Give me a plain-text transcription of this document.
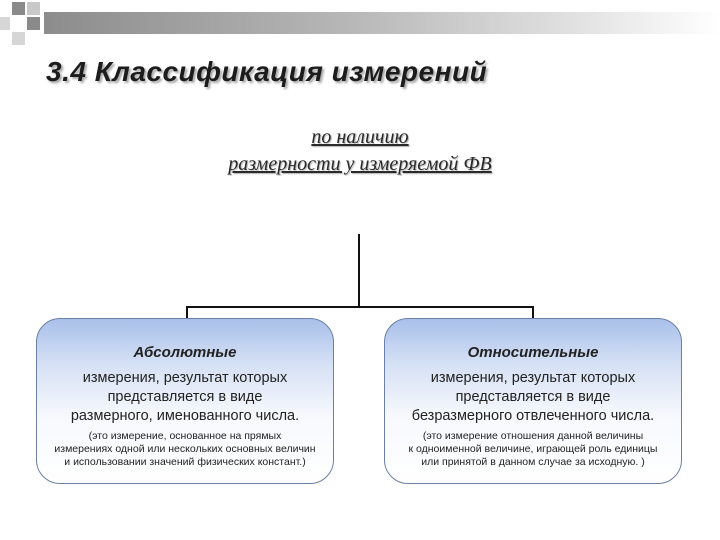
3.4 Классификация измерений

по наличию

размерности у измеряемой ФВ

Абсолютные
измерения, результат которых
представляется в виде
размерного, именованного числа.
(это измерение, основанное на прямых
измерениях одной или нескольких основных величин
и использовании значений физических констант.)
Относительные
измерения, результат которых
представляется в виде
безразмерного отвлеченного числа.
(это измерение отношения данной величины
к одноименной величине, играющей роль единицы
или принятой в данном случае за исходную. )
